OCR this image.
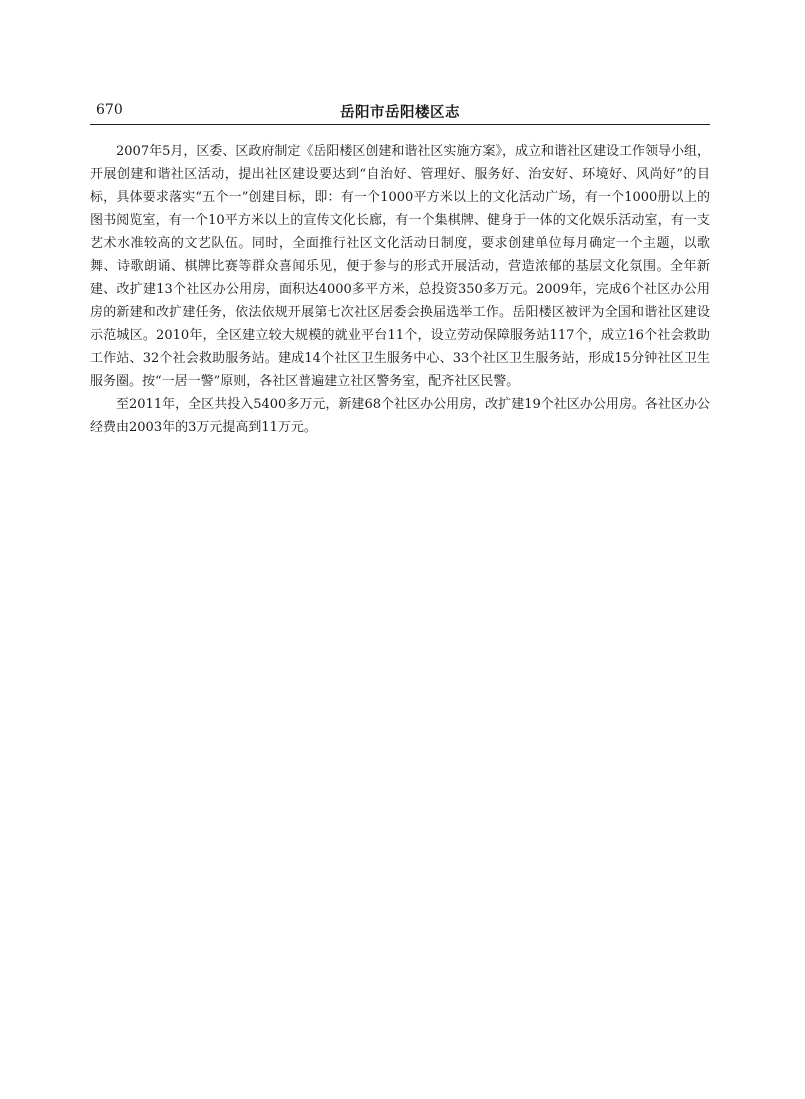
670	岳阳市岳阳楼区志

2007年5月，区委、区政府制定《岳阳楼区创建和谐社区实施方案》，成立和谐社区建设工作领导小组，开展创建和谐社区活动，提出社区建设要达到“自治好、管理好、服务好、治安好、环境好、风尚好”的目标，具体要求落实“五个一”创建目标，即：有一个1000平方米以上的文化活动广场，有一个1000册以上的图书阅览室，有一个10平方米以上的宣传文化长廊，有一个集棋牌、健身于一体的文化娱乐活动室，有一支艺术水准较高的文艺队伍。同时，全面推行社区文化活动日制度，要求创建单位每月确定一个主题，以歌舞、诗歌朗诵、棋牌比赛等群众喜闻乐见，便于参与的形式开展活动，营造浓郁的基层文化氛围。全年新建、改扩建13个社区办公用房，面积达4000多平方米，总投资350多万元。2009年，完成6个社区办公用房的新建和改扩建任务，依法依规开展第七次社区居委会换届选举工作。岳阳楼区被评为全国和谐社区建设示范城区。2010年，全区建立较大规模的就业平台11个，设立劳动保障服务站117个，成立16个社会救助工作站、32个社会救助服务站。建成14个社区卫生服务中心、33个社区卫生服务站，形成15分钟社区卫生服务圈。按“一居一警”原则，各社区普遍建立社区警务室，配齐社区民警。

至2011年，全区共投入5400多万元，新建68个社区办公用房，改扩建19个社区办公用房。各社区办公经费由2003年的3万元提高到11万元。
